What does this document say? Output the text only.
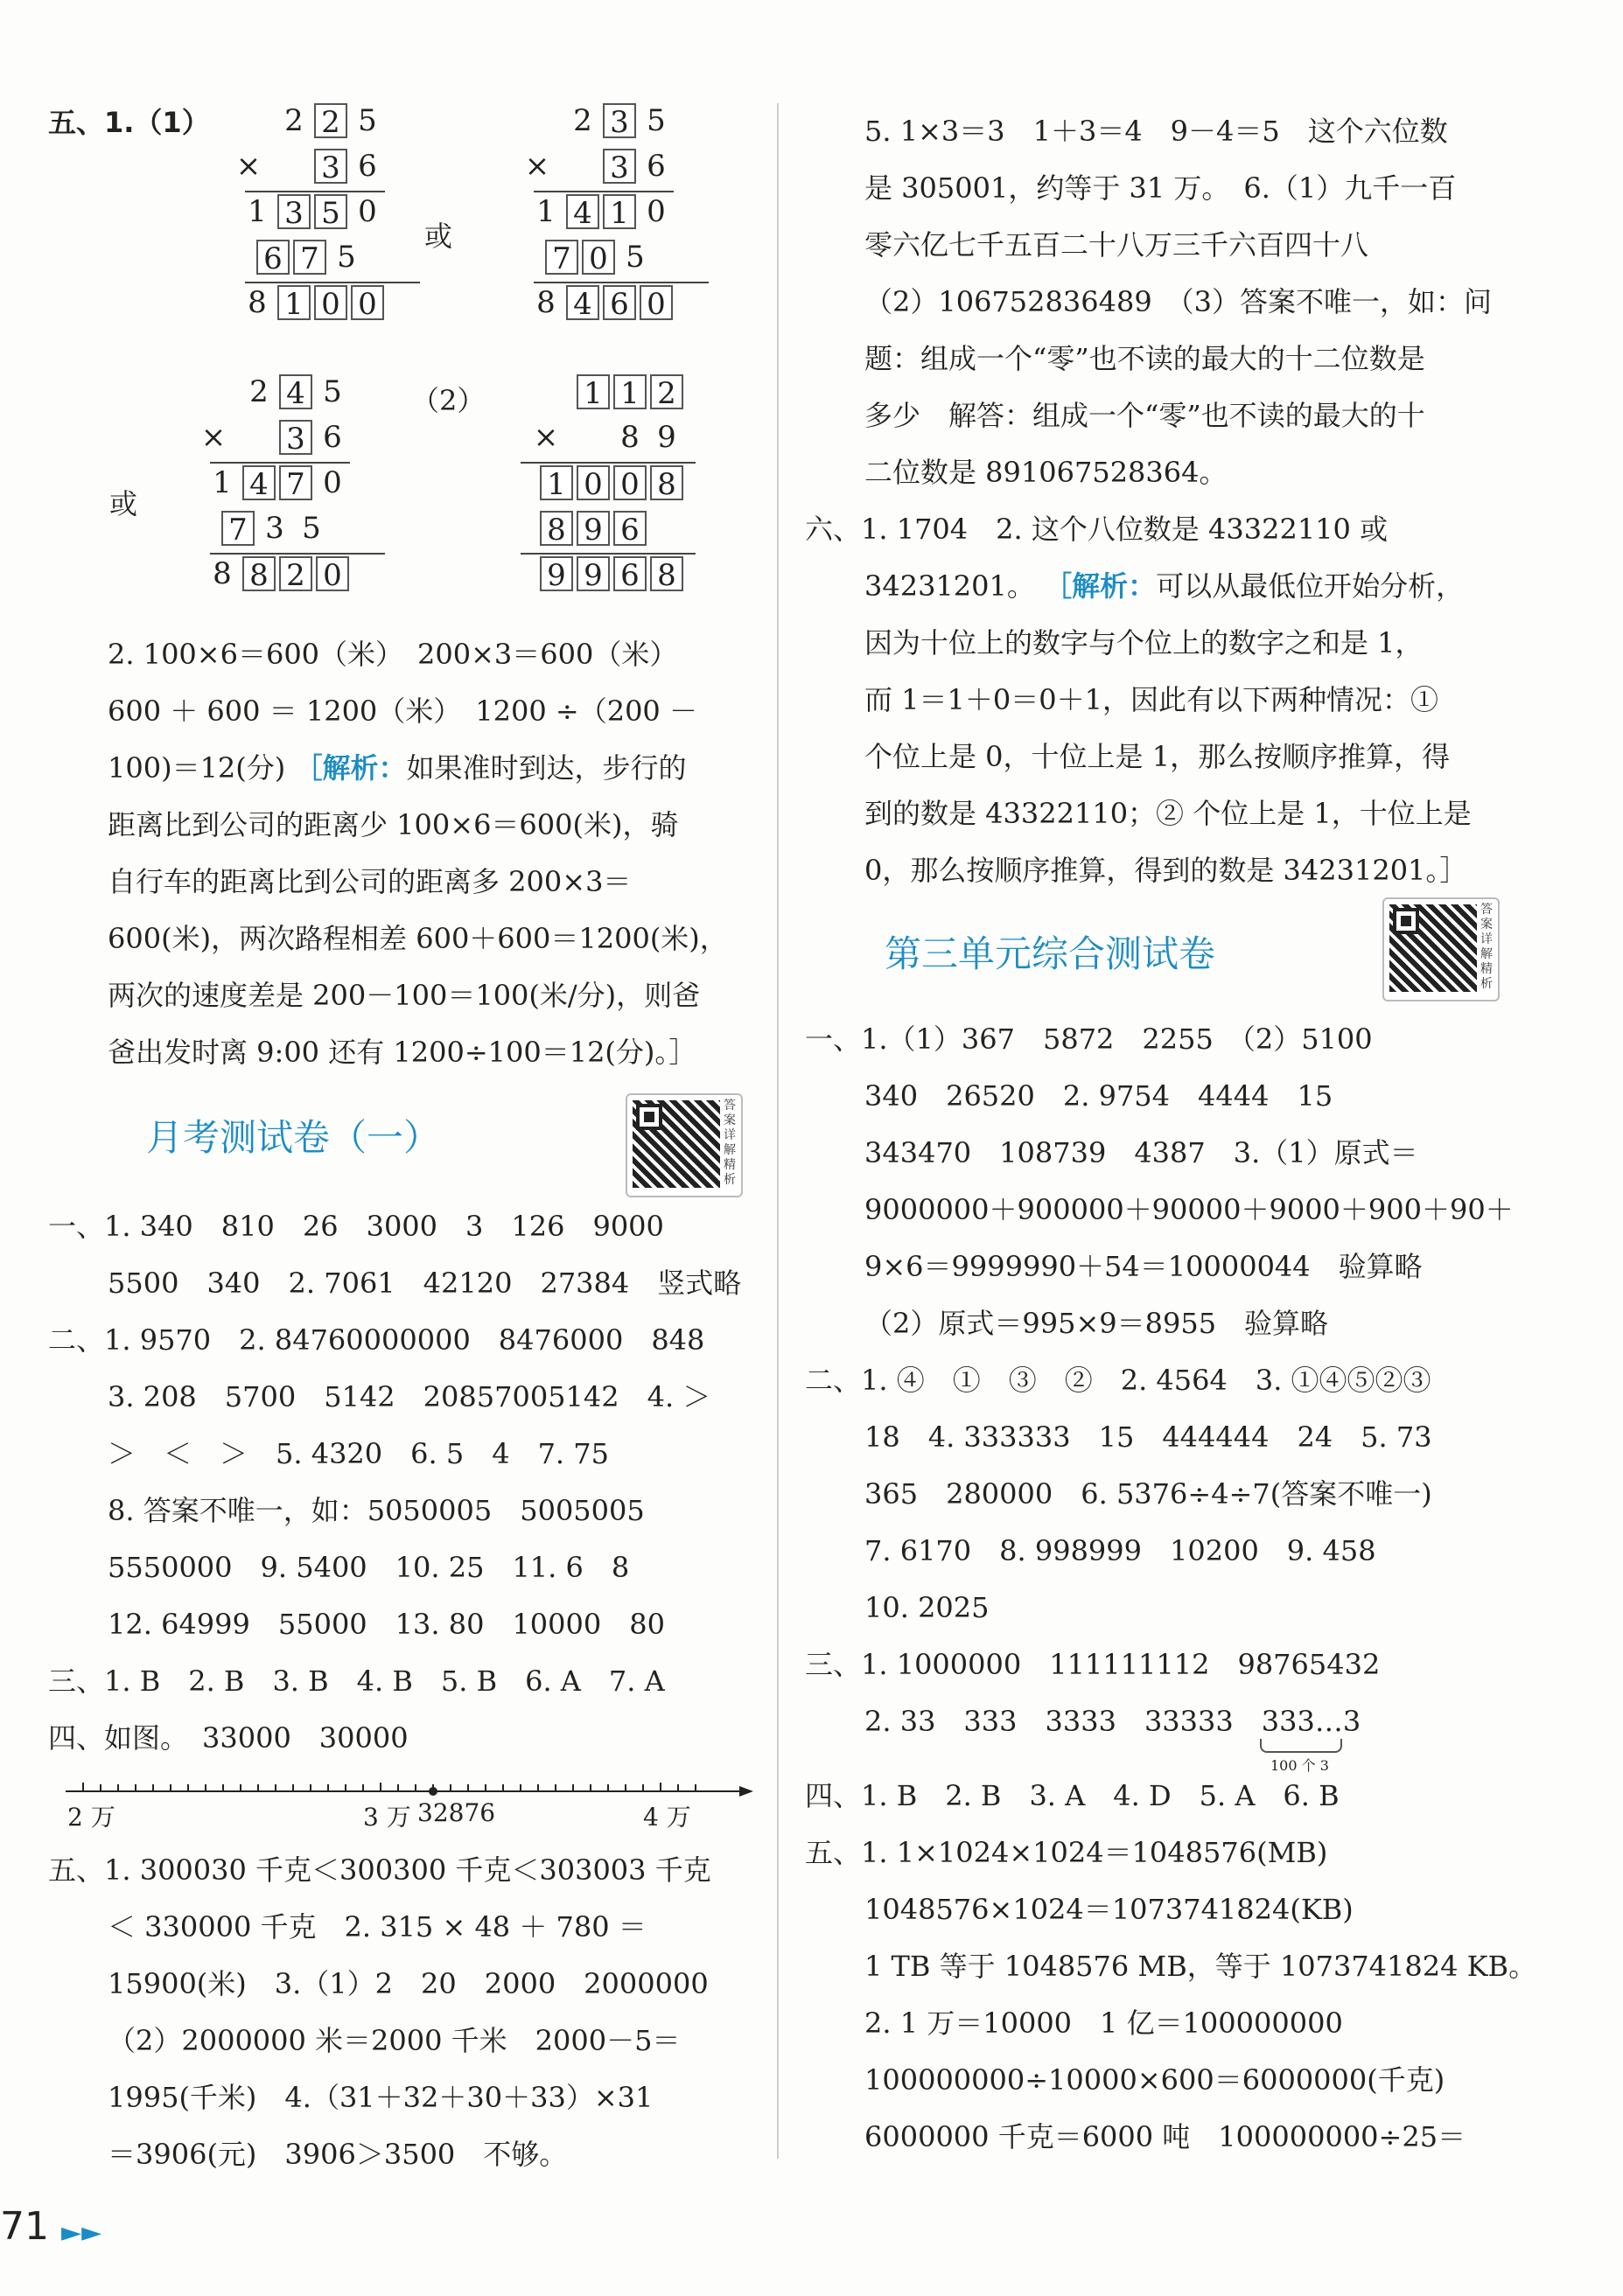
五、1.（1）	2 2 5
× 3 6
1 3 5 0
6 7 5
8 1 0 0
或
2 3 5
× 3 6
1 4 1 0
7 0 5
8 4 6 0
2 4 5
× 3 6
1 4 7 0
7 3 5
8 8 2 0
或
（2）	1 1 2
× 8 9
1 0 0 8
8 9 6
9 9 6 8
2. 100×6＝600（米）　200×3＝600（米）
600 ＋ 600 ＝ 1200（米）　1200 ÷（200 －
100)＝12(分) ［解析：如果准时到达，步行的
距离比到公司的距离少 100×6＝600(米)，骑
自行车的距离比到公司的距离多 200×3＝
600(米)，两次路程相差 600＋600＝1200(米)，
两次的速度差是 200－100＝100(米/分)，则爸
爸出发时离 9:00 还有 1200÷100＝12(分)。］
月考测试卷（一）
答案详解精析
一、1. 340　810　26　3000　3　126　9000
5500　340　2. 7061　42120　27384　竖式略
二、1. 9570　2. 84760000000　8476000　848
3. 208　5700　5142　20857005142　4. ＞
＞　＜　＞　5. 4320　6. 5　4　7. 75
8. 答案不唯一，如：5050005　5005005
5550000　9. 5400　10. 25　11. 6　8
12. 64999　55000　13. 80　10000　80
三、1. B　2. B　3. B　4. B　5. B　6. A　7. A
四、如图。　33000　30000
2 万	3 万 32876	4 万
五、1. 300030 千克＜300300 千克＜303003 千克
＜ 330000 千克　2. 315 × 48 ＋ 780 ＝
15900(米)　3.（1）2　20　2000　2000000
（2）2000000 米＝2000 千米　2000－5＝
1995(千米)　4.（31＋32＋30＋33）×31
＝3906(元)　3906＞3500　不够。
5. 1×3＝3　1＋3＝4　9－4＝5　这个六位数
是 305001，约等于 31 万。　6.（1）九千一百
零六亿七千五百二十八万三千六百四十八
（2）106752836489　（3）答案不唯一，如：问
题：组成一个“零”也不读的最大的十二位数是
多少　解答：组成一个“零”也不读的最大的十
二位数是 891067528364。
六、1. 1704　2. 这个八位数是 43322110 或
34231201。 ［解析：可以从最低位开始分析，
因为十位上的数字与个位上的数字之和是 1，
而 1＝1＋0＝0＋1，因此有以下两种情况：①
个位上是 0，十位上是 1，那么按顺序推算，得
到的数是 43322110；② 个位上是 1，十位上是
0，那么按顺序推算，得到的数是 34231201。］
第三单元综合测试卷
答案详解精析
一、1.（1）367　5872　2255　（2）5100
340　26520　2. 9754　4444　15
343470　108739　4387　3.（1）原式＝
9000000＋900000＋90000＋9000＋900＋90＋
9×6＝9999990＋54＝10000044　验算略
（2）原式＝995×9＝8955　验算略
二、1. ④　①　③　②　2. 4564　3. ①④⑤②③
18　4. 333333　15　444444　24　5. 73
365　280000　6. 5376÷4÷7(答案不唯一)
7. 6170　8. 998999　10200　9. 458
10. 2025
三、1. 1000000　111111112　98765432
2. 33　333　3333　33333　333…3
100 个 3
四、1. B　2. B　3. A　4. D　5. A　6. B
五、1. 1×1024×1024＝1048576(MB)
1048576×1024＝1073741824(KB)
1 TB 等于 1048576 MB，等于 1073741824 KB。
2. 1 万＝10000　1 亿＝100000000
100000000÷10000×600＝6000000(千克)
6000000 千克＝6000 吨　100000000÷25＝
71 ►►
